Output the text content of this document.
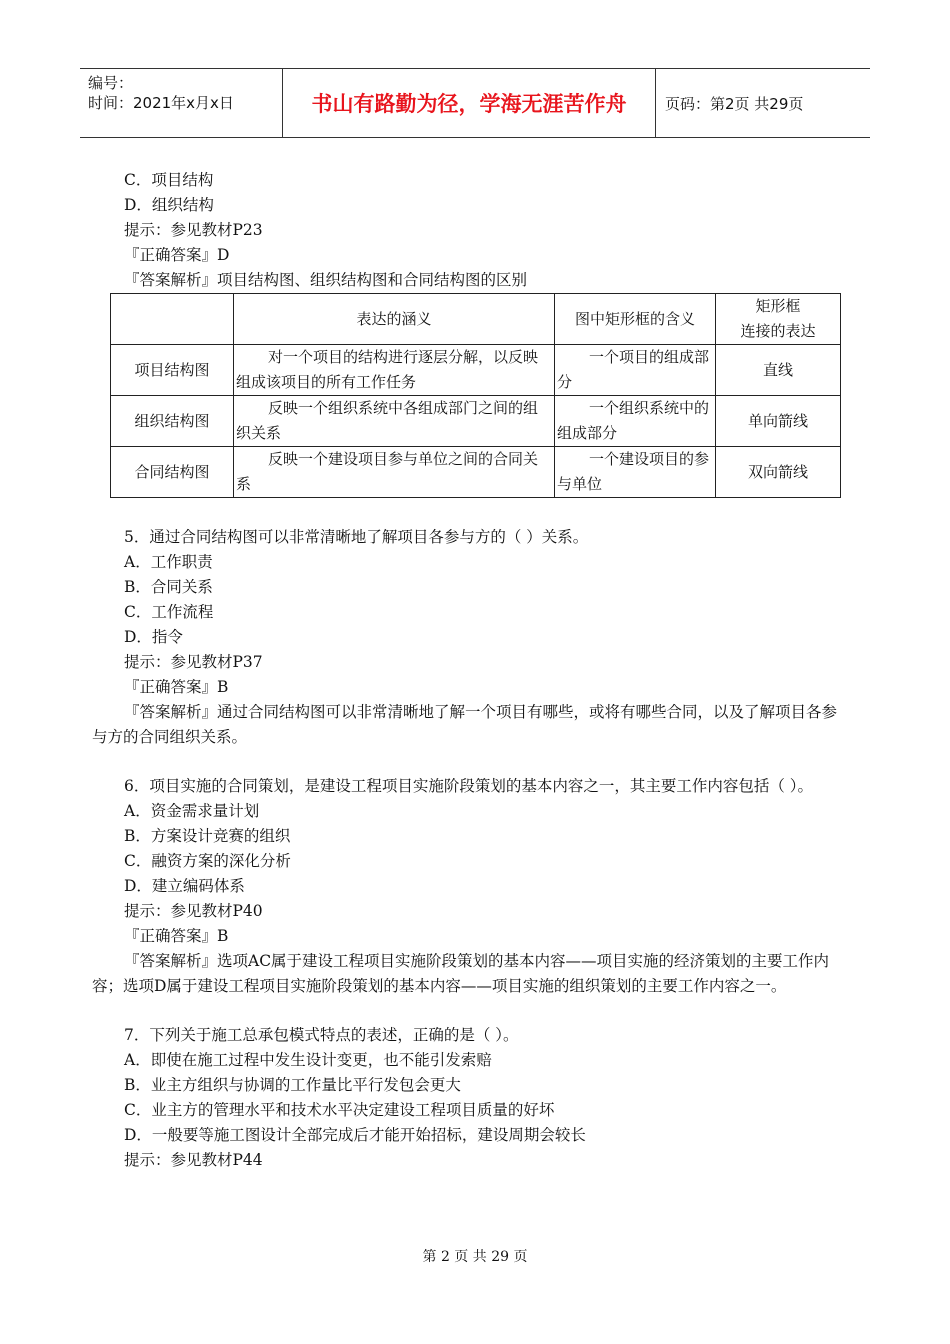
编号：
时间：2021年x月x日	书山有路勤为径，学海无涯苦作舟	页码：第2页 共29页
C．项目结构
D．组织结构
提示：参见教材P23
『正确答案』D
『答案解析』项目结构图、组织结构图和合同结构图的区别
	表达的涵义	图中矩形框的含义	矩形框
连接的表达
项目结构图	对一个项目的结构进行逐层分解，以反映组成该项目的所有工作任务	一个项目的组成部分	直线
组织结构图	反映一个组织系统中各组成部门之间的组织关系	一个组织系统中的组成部分	单向箭线
合同结构图	反映一个建设项目参与单位之间的合同关系	一个建设项目的参与单位	双向箭线
5．通过合同结构图可以非常清晰地了解项目各参与方的（ ）关系。
A．工作职责
B．合同关系
C．工作流程
D．指令
提示：参见教材P37
『正确答案』B
『答案解析』通过合同结构图可以非常清晰地了解一个项目有哪些，或将有哪些合同，以及了解项目各参与方的合同组织关系。
6．项目实施的合同策划，是建设工程项目实施阶段策划的基本内容之一，其主要工作内容包括（ ）。
A．资金需求量计划
B．方案设计竞赛的组织
C．融资方案的深化分析
D．建立编码体系
提示：参见教材P40
『正确答案』B
『答案解析』选项AC属于建设工程项目实施阶段策划的基本内容——项目实施的经济策划的主要工作内容；选项D属于建设工程项目实施阶段策划的基本内容——项目实施的组织策划的主要工作内容之一。
7．下列关于施工总承包模式特点的表述，正确的是（ ）。
A．即使在施工过程中发生设计变更，也不能引发索赔
B．业主方组织与协调的工作量比平行发包会更大
C．业主方的管理水平和技术水平决定建设工程项目质量的好坏
D．一般要等施工图设计全部完成后才能开始招标，建设周期会较长
提示：参见教材P44
第 2 页 共 29 页
